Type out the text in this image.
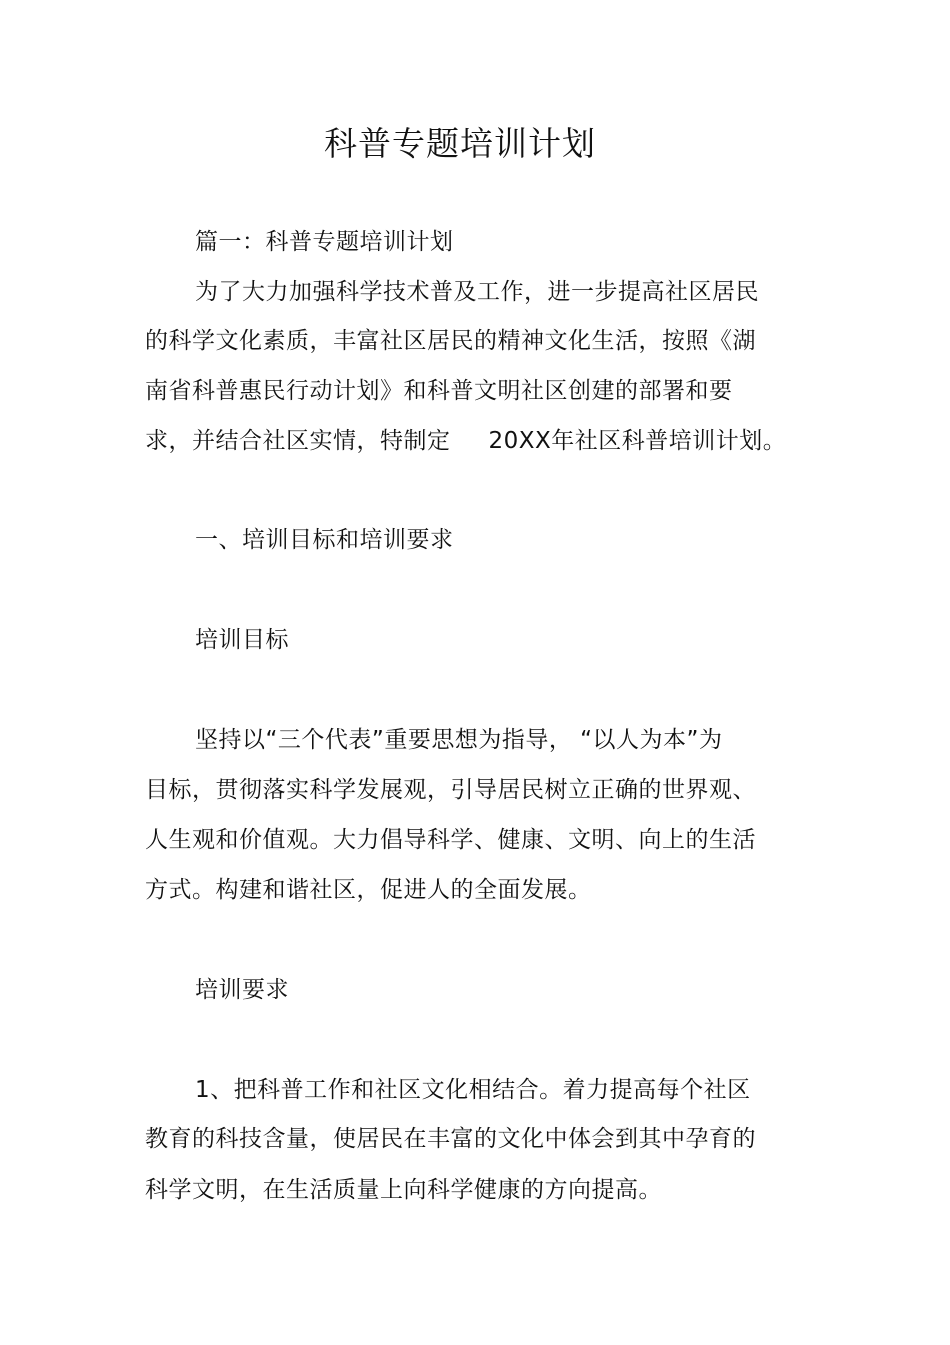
科普专题培训计划
篇一：科普专题培训计划
为了大力加强科学技术普及工作，进一步提高社区居民
的科学文化素质，丰富社区居民的精神文化生活，按照《湖
南省科普惠民行动计划》和科普文明社区创建的部署和要
求，并结合社区实情，特制定 20XX年社区科普培训计划。
一、培训目标和培训要求
培训目标
坚持以“三个代表”重要思想为指导， “以人为本”为
目标，贯彻落实科学发展观，引导居民树立正确的世界观、
人生观和价值观。大力倡导科学、健康、文明、向上的生活
方式。构建和谐社区，促进人的全面发展。
培训要求
1、把科普工作和社区文化相结合。着力提高每个社区
教育的科技含量，使居民在丰富的文化中体会到其中孕育的
科学文明，在生活质量上向科学健康的方向提高。
